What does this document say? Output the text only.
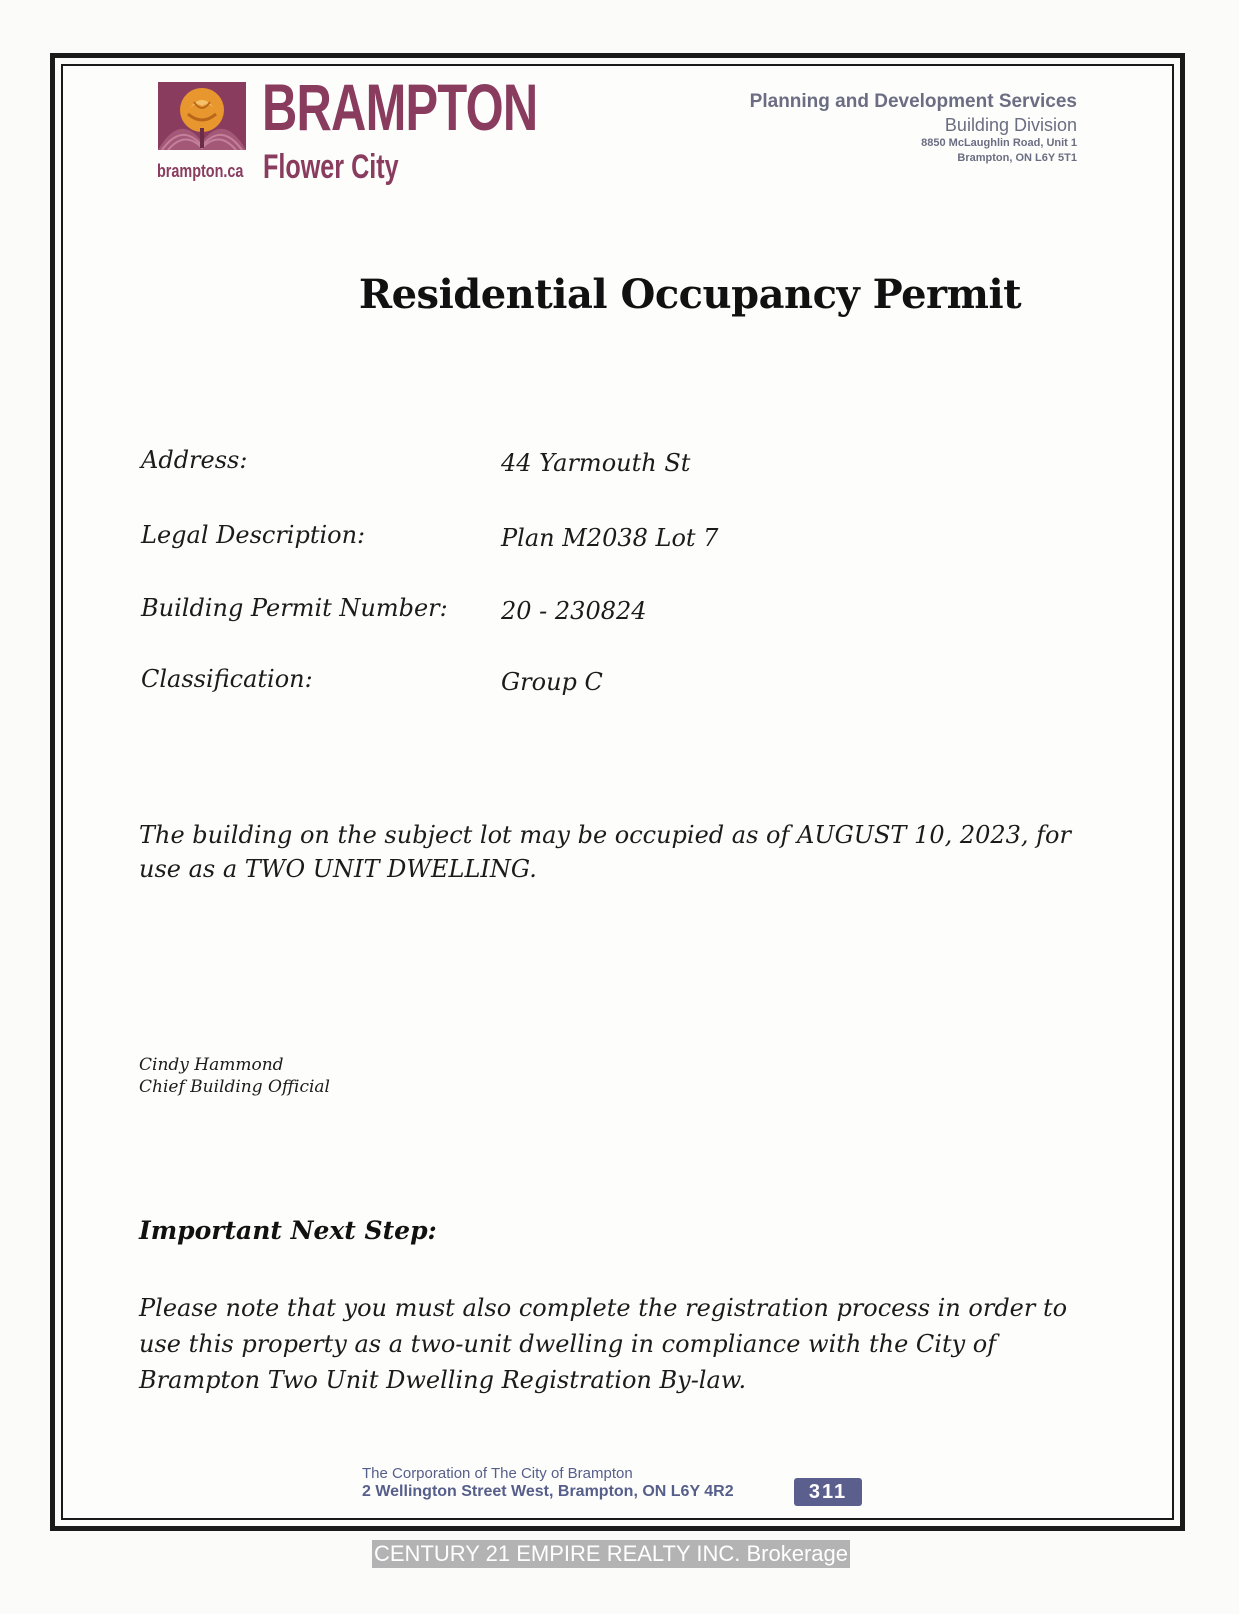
BRAMPTON
Flower City
brampton.ca
Planning and Development Services
Building Division
8850 McLaughlin Road, Unit 1
Brampton, ON L6Y 5T1
Residential Occupancy Permit
Address:	44 Yarmouth St
Legal Description:	Plan M2038 Lot 7
Building Permit Number: 20 - 230824
Classification:	Group C
The building on the subject lot may be occupied as of AUGUST 10, 2023, for use as a TWO UNIT DWELLING.
Cindy Hammond
Chief Building Official
Important Next Step:
Please note that you must also complete the registration process in order to use this property as a two-unit dwelling in compliance with the City of Brampton Two Unit Dwelling Registration By-law.
The Corporation of The City of Brampton
2 Wellington Street West, Brampton, ON L6Y 4R2	311
CENTURY 21 EMPIRE REALTY INC. Brokerage
